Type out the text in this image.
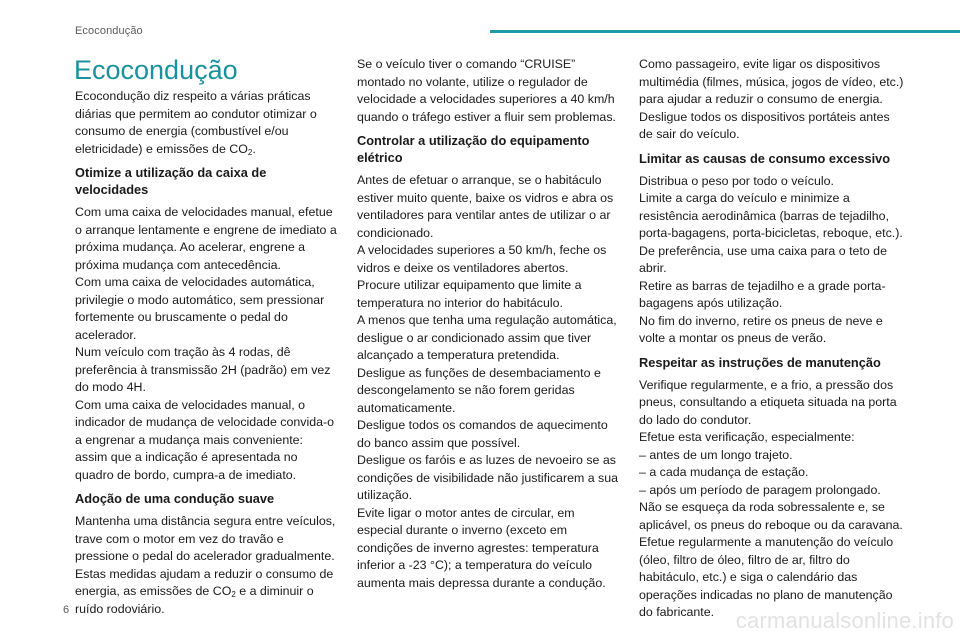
Ecocondução
Ecocondução

Ecocondução diz respeito a várias práticas diárias que permitem ao condutor otimizar o consumo de energia (combustível e/ou eletricidade) e emissões de $CO_2$.

Otimize a utilização da caixa de velocidades

Com uma caixa de velocidades manual, efetue o arranque lentamente e engrene de imediato a próxima mudança. Ao acelerar, engrene a próxima mudança com antecedência.

Com uma caixa de velocidades automática, privilegie o modo automático, sem pressionar fortemente ou bruscamente o pedal do acelerador.

Num veículo com tração às 4 rodas, dê preferência à transmissão 2H (padrão) em vez do modo 4H.

Com uma caixa de velocidades manual, o indicador de mudança de velocidade convida-o a engrenar a mudança mais conveniente: assim que a indicação é apresentada no quadro de bordo, cumpra-a de imediato.

Adoção de uma condução suave

Mantenha uma distância segura entre veículos, trave com o motor em vez do travão e pressione o pedal do acelerador gradualmente. Estas medidas ajudam a reduzir o consumo de energia, as emissões de $CO_2$ e a diminuir o ruído rodoviário.

Se o veículo tiver o comando “CRUISE” montado no volante, utilize o regulador de velocidade a velocidades superiores a 40 km/h quando o tráfego estiver a fluir sem problemas.

Controlar a utilização do equipamento elétrico

Antes de efetuar o arranque, se o habitáculo estiver muito quente, baixe os vidros e abra os ventiladores para ventilar antes de utilizar o ar condicionado.

A velocidades superiores a 50 km/h, feche os vidros e deixe os ventiladores abertos.

Procure utilizar equipamento que limite a temperatura no interior do habitáculo.

A menos que tenha uma regulação automática, desligue o ar condicionado assim que tiver alcançado a temperatura pretendida.

Desligue as funções de desembaciamento e descongelamento se não forem geridas automaticamente.

Desligue todos os comandos de aquecimento do banco assim que possível.

Desligue os faróis e as luzes de nevoeiro se as condições de visibilidade não justificarem a sua utilização.

Evite ligar o motor antes de circular, em especial durante o inverno (exceto em condições de inverno agrestes: temperatura inferior a -23 °C); a temperatura do veículo aumenta mais depressa durante a condução.

Como passageiro, evite ligar os dispositivos multimédia (filmes, música, jogos de vídeo, etc.) para ajudar a reduzir o consumo de energia.

Desligue todos os dispositivos portáteis antes de sair do veículo.

Limitar as causas de consumo excessivo

Distribua o peso por todo o veículo.

Limite a carga do veículo e minimize a resistência aerodinâmica (barras de tejadilho, porta-bagagens, porta-bicicletas, reboque, etc.). De preferência, use uma caixa para o teto de abrir.

Retire as barras de tejadilho e a grade porta-bagagens após utilização.

No fim do inverno, retire os pneus de neve e volte a montar os pneus de verão.

Respeitar as instruções de manutenção

Verifique regularmente, e a frio, a pressão dos pneus, consultando a etiqueta situada na porta do lado do condutor.

Efetue esta verificação, especialmente:

– antes de um longo trajeto.

– a cada mudança de estação.

– após um período de paragem prolongado.

Não se esqueça da roda sobressalente e, se aplicável, os pneus do reboque ou da caravana.

Efetue regularmente a manutenção do veículo (óleo, filtro de óleo, filtro de ar, filtro do habitáculo, etc.) e siga o calendário das operações indicadas no plano de manutenção do fabricante.

6	carmanualsonline.info
